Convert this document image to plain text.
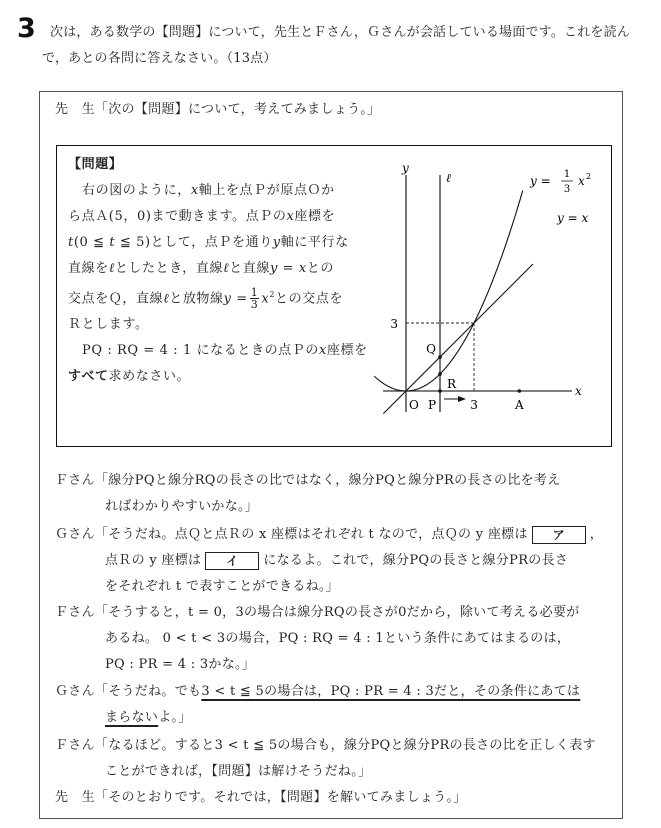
3	次は，ある数学の【問題】について，先生とＦさん，Ｇさんが会話している場面です。これを読ん
で，あとの各問に答えなさい。（13点）
先　生「次の【問題】について，考えてみましょう。」
【問題】
右の図のように，x軸上を点Ｐが原点Ｏか
ら点Ａ(5，0)まで動きます。点Ｐのx座標を
t(0 ≦ t ≦ 5)として，点Ｐを通りy軸に平行な
直線をℓとしたとき，直線ℓと直線y = xとの
交点をＱ，直線ℓと放物線$y = \frac{1}{3} x^2$との交点を
Ｒとします。
PQ : RQ = 4 : 1 になるときの点Ｐのx座標を
すべて求めなさい。
y
x
ℓ	y = 1
3
x 2
y = x
3
3
O P
Q
R
A
Ｆさん「線分PQと線分RQの長さの比ではなく，線分PQと線分PRの長さの比を考え
ればわかりやすいかな。」
Ｇさん「そうだね。点Ｑと点Ｒの x 座標はそれぞれ t なので，点Ｑの y 座標は ア ，
点Ｒの y 座標は イ になるよ。これで，線分PQの長さと線分PRの長さ
をそれぞれ t で表すことができるね。」
Ｆさん「そうすると，t = 0，3の場合は線分RQの長さが0だから，除いて考える必要が
あるね。 0 < t < 3の場合，PQ : RQ = 4 : 1という条件にあてはまるのは，
PQ : PR = 4 : 3かな。」
Ｇさん「そうだね。でも3 < t ≦ 5の場合は，PQ : PR = 4 : 3だと，その条件にあては
まらないよ。」
Ｆさん「なるほど。すると3 < t ≦ 5の場合も，線分PQと線分PRの長さの比を正しく表す
ことができれば，【問題】は解けそうだね。」
先　生「そのとおりです。それでは，【問題】を解いてみましょう。」
